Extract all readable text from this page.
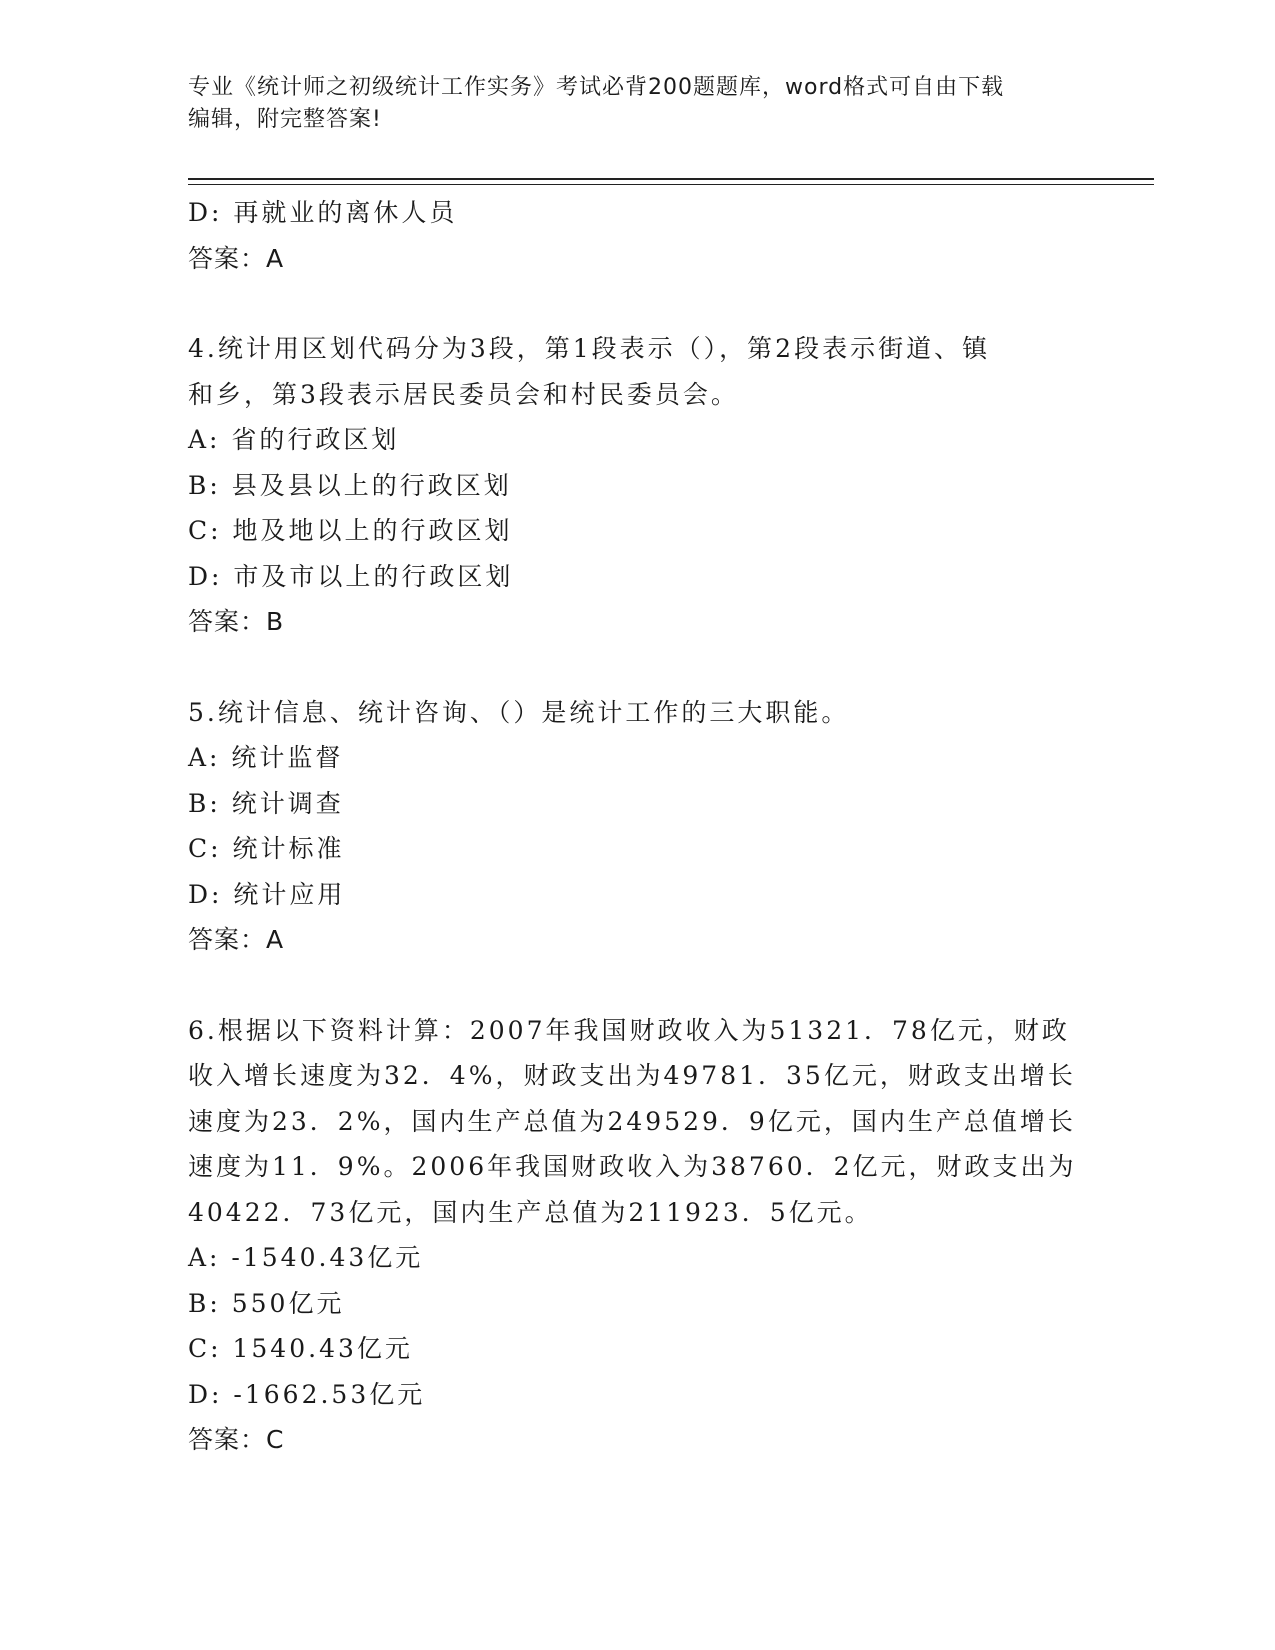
专业《统计师之初级统计工作实务》考试必背200题题库，word格式可自由下载
编辑，附完整答案!
D: 再就业的离休人员
答案：A
4.统计用区划代码分为3段，第1段表示（），第2段表示街道、镇
和乡，第3段表示居民委员会和村民委员会。
A: 省的行政区划
B: 县及县以上的行政区划
C: 地及地以上的行政区划
D: 市及市以上的行政区划
答案：B
5.统计信息、统计咨询、（）是统计工作的三大职能。
A: 统计监督
B: 统计调查
C: 统计标准
D: 统计应用
答案：A
6.根据以下资料计算：2007年我国财政收入为51321．78亿元，财政
收入增长速度为32．4%，财政支出为49781．35亿元，财政支出增长
速度为23．2%，国内生产总值为249529．9亿元，国内生产总值增长
速度为11．9%。2006年我国财政收入为38760．2亿元，财政支出为
40422．73亿元，国内生产总值为211923．5亿元。
A: -1540.43亿元
B: 550亿元
C: 1540.43亿元
D: -1662.53亿元
答案：C
